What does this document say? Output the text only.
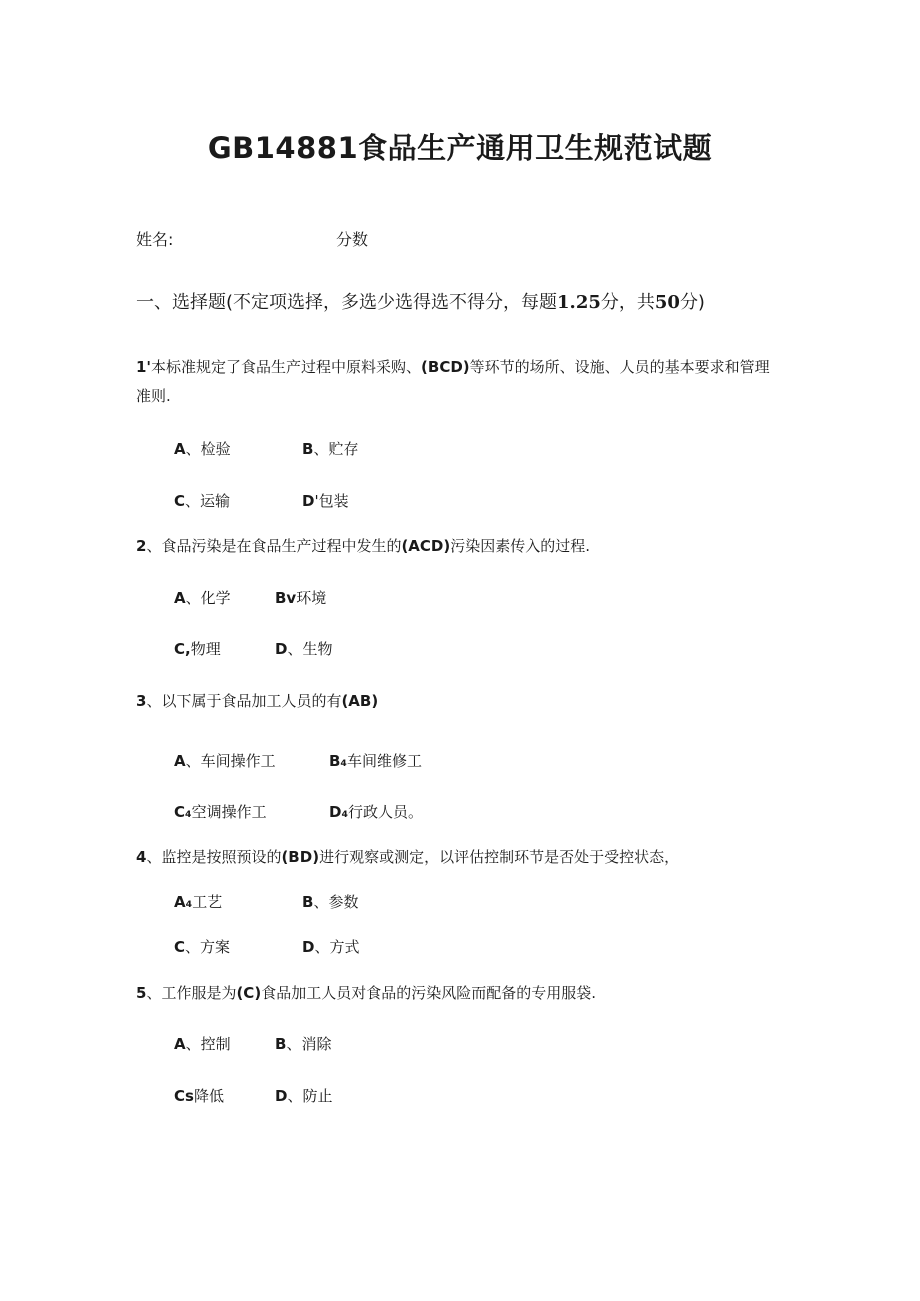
GB14881食品生产通用卫生规范试题
姓名:	分数
一、选择题(不定项选择，多选少选得选不得分，每题1.25分，共50分)
1'本标准规定了食品生产过程中原料采购、(BCD)等环节的场所、设施、人员的基本要求和管理
准则.
A、检验	B、贮存
C、运输	D'包装
2、食品污染是在食品生产过程中发生的(ACD)污染因素传入的过程.
A、化学	Bv环境
C,物理	D、生物
3、以下属于食品加工人员的有(AB)
A、车间操作工	B₄车间维修工
C₄空调操作工	D₄行政人员。
4、监控是按照预设的(BD)进行观察或测定，以评估控制环节是否处于受控状态，
A₄工艺	B、参数
C、方案	D、方式
5、工作服是为(C)食品加工人员对食品的污染风险而配备的专用服袋.
A、控制	B、消除
Cs降低	D、防止
